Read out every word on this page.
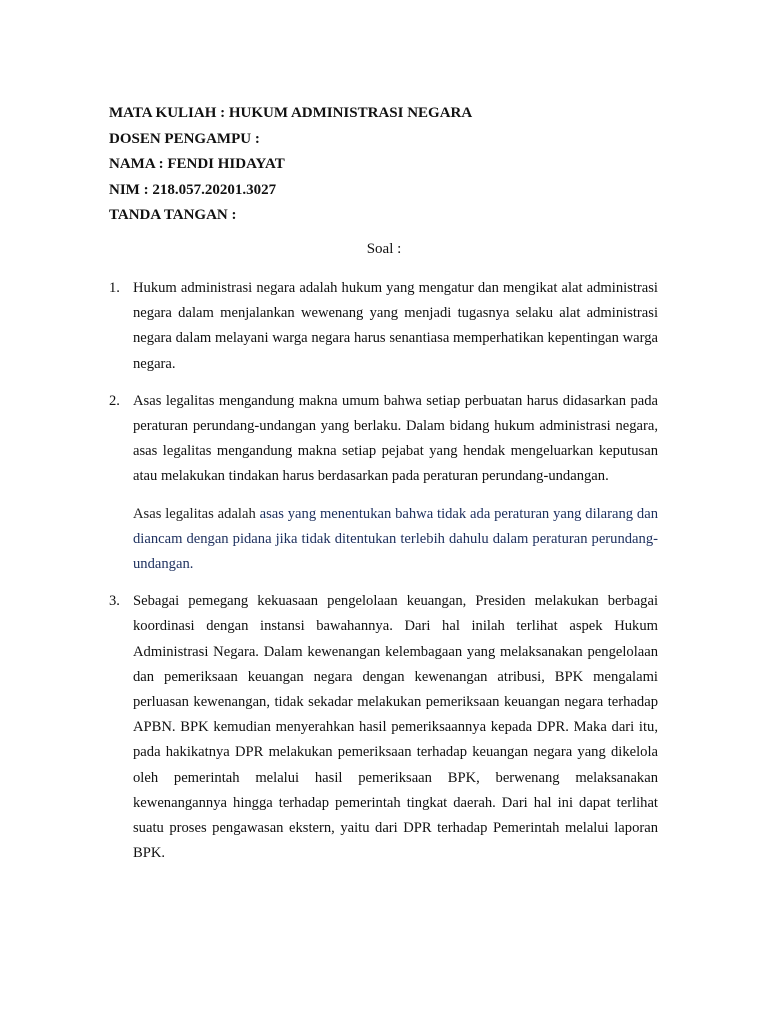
MATA KULIAH : HUKUM ADMINISTRASI NEGARA
DOSEN PENGAMPU :
NAMA : FENDI HIDAYAT
NIM : 218.057.20201.3027
TANDA TANGAN :
Soal :
1. Hukum administrasi negara adalah hukum yang mengatur dan mengikat alat administrasi negara dalam menjalankan wewenang yang menjadi tugasnya selaku alat administrasi negara dalam melayani warga negara harus senantiasa memperhatikan kepentingan warga negara.

2. Asas legalitas mengandung makna umum bahwa setiap perbuatan harus didasarkan pada peraturan perundang-undangan yang berlaku. Dalam bidang hukum administrasi negara, asas legalitas mengandung makna setiap pejabat yang hendak mengeluarkan keputusan atau melakukan tindakan harus berdasarkan pada peraturan perundang-undangan.

Asas legalitas adalah asas yang menentukan bahwa tidak ada peraturan yang dilarang dan diancam dengan pidana jika tidak ditentukan terlebih dahulu dalam peraturan perundang-undangan.

3. Sebagai pemegang kekuasaan pengelolaan keuangan, Presiden melakukan berbagai koordinasi dengan instansi bawahannya. Dari hal inilah terlihat aspek Hukum Administrasi Negara. Dalam kewenangan kelembagaan yang melaksanakan pengelolaan dan pemeriksaan keuangan negara dengan kewenangan atribusi, BPK mengalami perluasan kewenangan, tidak sekadar melakukan pemeriksaan keuangan negara terhadap APBN. BPK kemudian menyerahkan hasil pemeriksaannya kepada DPR. Maka dari itu, pada hakikatnya DPR melakukan pemeriksaan terhadap keuangan negara yang dikelola oleh pemerintah melalui hasil pemeriksaan BPK, berwenang melaksanakan kewenangannya hingga terhadap pemerintah tingkat daerah. Dari hal ini dapat terlihat suatu proses pengawasan ekstern, yaitu dari DPR terhadap Pemerintah melalui laporan BPK.
